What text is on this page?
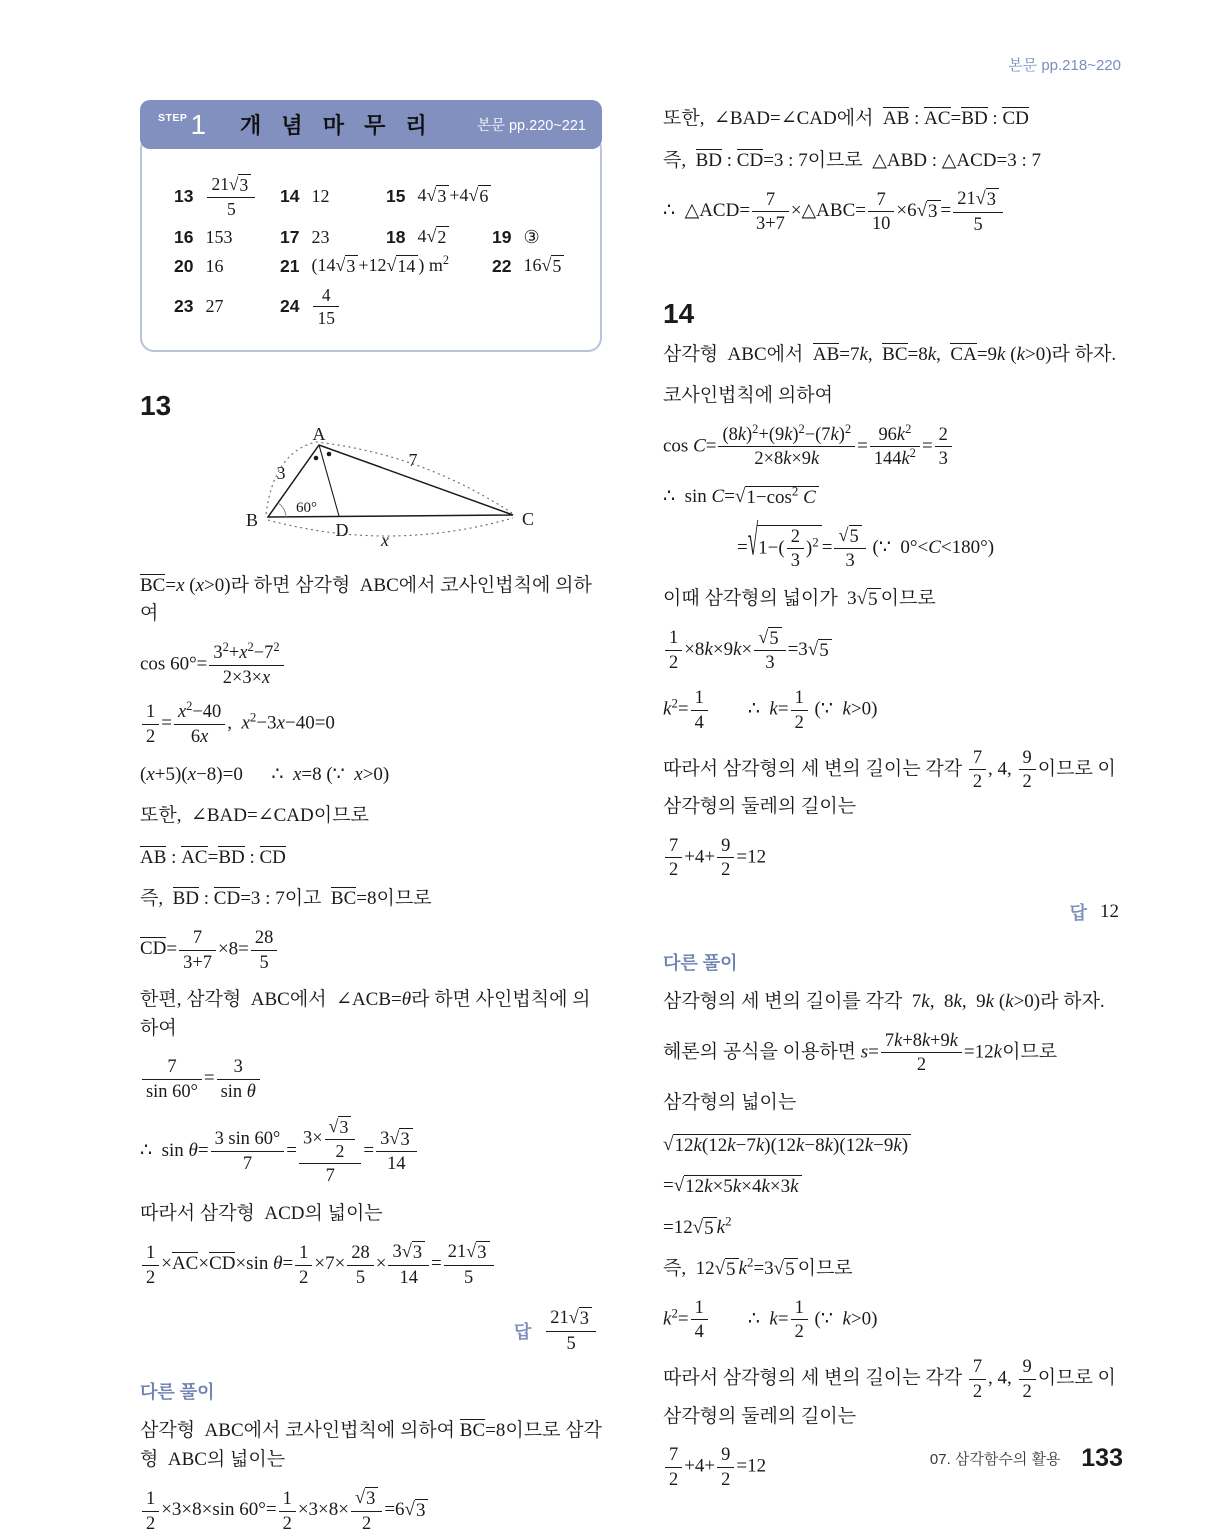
본문 pp.218~220
STEP 1 개 념 마 무 리	본문 pp.220~221
$13 \frac{21 √ 3}{5} 14$ 12	15 4 √ 3 +4 √ 6
16 153	17 23	18 4 √ 2	19 ③
20 16	21 (14 √ 3 +12 √ 14 ) $m^2$ 22 16 √ 5
23 27	$24 \frac{4}{15}$
13
A
B	C
D
3
7
60°
x
BC=x (x>0)라 하면 삼각형  ABC에서 코사인법칙에 의하여
$\cos 60^\circ= \frac{3^2+x^2-7^2}{2\times 3\times x}$
$\frac{1}{2} = \frac{x^2-40}{6x}$ ,  $x^2-3x-40=0$
(x+5)(x−8)=0      ∴  x=8 (∵  x>0)
또한,  ∠BAD=∠CAD이므로
AB : AC=BD : CD
즉,  BD : CD=3 : 7이고  BC=8이므로
$CD= \frac{7}{3+7} \times 8= \frac{28}{5}$
한편, 삼각형  ABC에서  ∠ACB=θ라 하면 사인법칙에 의하여
$\frac{7}{\sin 60^\circ} = \frac{3}{\text{sin θ}}$
∴  $\sin \theta= \frac{3 \sin 60^\circ}{7} = \frac{3\times \frac{√ 3}{2}}{7} = \frac{3 √ 3}{14}$
따라서 삼각형  ACD의 넓이는
$\frac{1}{2} \times AC\times CD\times\sin$ $\theta= \frac{1}{2} \times 7\times \frac{28}{5} \times \frac{3 √ 3}{14} = \frac{21 √ 3}{5}$
답 $\frac{21 √ 3}{5}$
다른 풀이
삼각형  ABC에서 코사인법칙에 의하여 BC=8이므로 삼각형  ABC의 넓이는
$\frac{1}{2} \times 3\times 8\times\sin$ $60^\circ= \frac{1}{2} \times 3\times 8\times \frac{√ 3}{2} =6$ √ 3
또한,  ∠BAD=∠CAD에서  AB : AC=BD : CD
즉,  BD : CD=3 : 7이므로  △ABD : △ACD=3 : 7
∴  △ACD= $\frac{7}{3+7}$ ×△ABC= $\frac{7}{10} \times 6$ √ $3 = \frac{21 √ 3}{5}$
14
삼각형  ABC에서  AB=7k,  BC=8k,  CA=9k (k>0)라 하자.
코사인법칙에 의하여
$\cos C= \frac{(8k)^2+(9k)^2-(7k)^2}{2\times 8k\times 9k} = \frac{96k^2}{144k^2} = \frac{2}{3}$
∴  sin C= √ $1-\cos^2$ C
= √ $1-( \frac{2}{3} )^2 = \frac{√ 5}{3}$ (∵  0°<C<180°)
이때 삼각형의 넓이가  3 √ 5 이므로
$\frac{1}{2} \times 8k\times 9k\times \frac{√ 5}{3} =3$ √ 5
$k^2= \frac{1}{4}$ ∴  $k= \frac{1}{2}$ (∵  k>0)
따라서 삼각형의 세 변의 길이는 각각 $\frac{7}{2}$ , 4, $\frac{9}{2}$ 이므로 이 삼각형의 둘레의 길이는
$\frac{7}{2} +4+ \frac{9}{2} =12$
답 12
다른 풀이
삼각형의 세 변의 길이를 각각  7k,  8k,  9k (k>0)라 하자.
헤론의 공식을 이용하면 $s= \frac{7k+8k+9k}{2} =12k$이므로
삼각형의 넓이는
√ 12k(12k−7k)(12k−8k)(12k−9k)
= √ 12k×5k×4k×3k
=12 √ 5 $k^2$
즉,  12 √ 5 $k^2=3$ √ 5 이므로
$k^2= \frac{1}{4}$ ∴  $k= \frac{1}{2}$ (∵  k>0)
따라서 삼각형의 세 변의 길이는 각각 $\frac{7}{2}$ , 4, $\frac{9}{2}$ 이므로 이 삼각형의 둘레의 길이는
$\frac{7}{2} +4+ \frac{9}{2} =12$	07. 삼각함수의 활용 133
